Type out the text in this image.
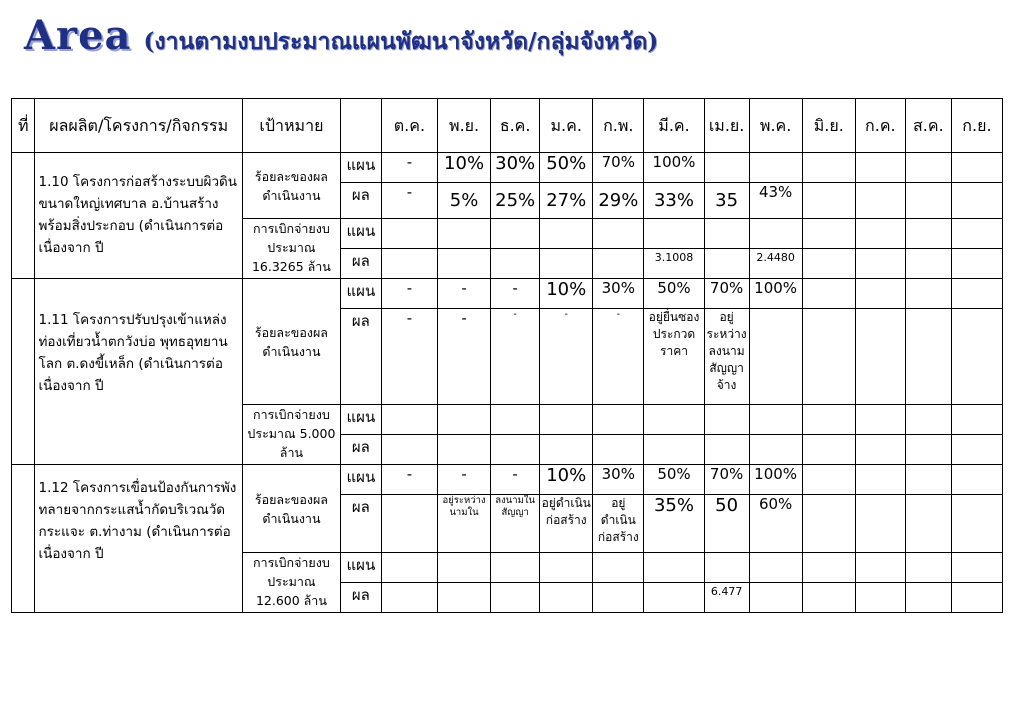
Area (งานตามงบประมาณแผนพัฒนาจังหวัด/กลุ่มจังหวัด)
ที่	ผลผลิต/โครงการ/กิจกรรม	เป้าหมาย		ต.ค.	พ.ย.	ธ.ค.	ม.ค.	ก.พ.	มี.ค.	เม.ย.	พ.ค.	มิ.ย.	ก.ค.	ส.ค.	ก.ย.
	1.10 โครงการก่อสร้างระบบผิวดินขนาดใหญ่เทศบาล อ.บ้านสร้าง พร้อมสิ่งประกอบ (ดำเนินการต่อเนื่องจาก ปี	ร้อยละของผลดำเนินงาน	แผน	-	10%	30%	50%	70%	100%						
			ผล	-	5%	25%	27%	29%	33%	35	43%				
		การเบิกจ่ายงบประมาณ 16.3265 ล้าน	แผน												
			ผล						3.1008		2.4480				
	1.11 โครงการปรับปรุงเข้าแหล่งท่องเที่ยวน้ำตกวังบ่อ พุทธอุทยานโลก ต.ดงขี้เหล็ก (ดำเนินการต่อเนื่องจาก ปี	ร้อยละของผลดำเนินงาน	แผน	-	-	-	10%	30%	50%	70%	100%				
			ผล	-	-	-	-	-	อยู่ยื่นซองประกวดราคา	อยู่ระหว่างลงนามสัญญาจ้าง					
		การเบิกจ่ายงบประมาณ 5.000 ล้าน	แผน												
			ผล												
	1.12 โครงการเขื่อนป้องกันการพังทลายจากกระแสน้ำกัดบริเวณวัดกระแจะ ต.ท่างาม (ดำเนินการต่อเนื่องจาก ปี	ร้อยละของผลดำเนินงาน	แผน	-	-	-	10%	30%	50%	70%	100%				
			ผล		อยู่ระหว่างนามใน	ลงนามในสัญญา	อยู่ดำเนินก่อสร้าง	อยู่ดำเนินก่อสร้าง	35%	50	60%				
		การเบิกจ่ายงบประมาณ 12.600 ล้าน	แผน												
			ผล							6.477					
